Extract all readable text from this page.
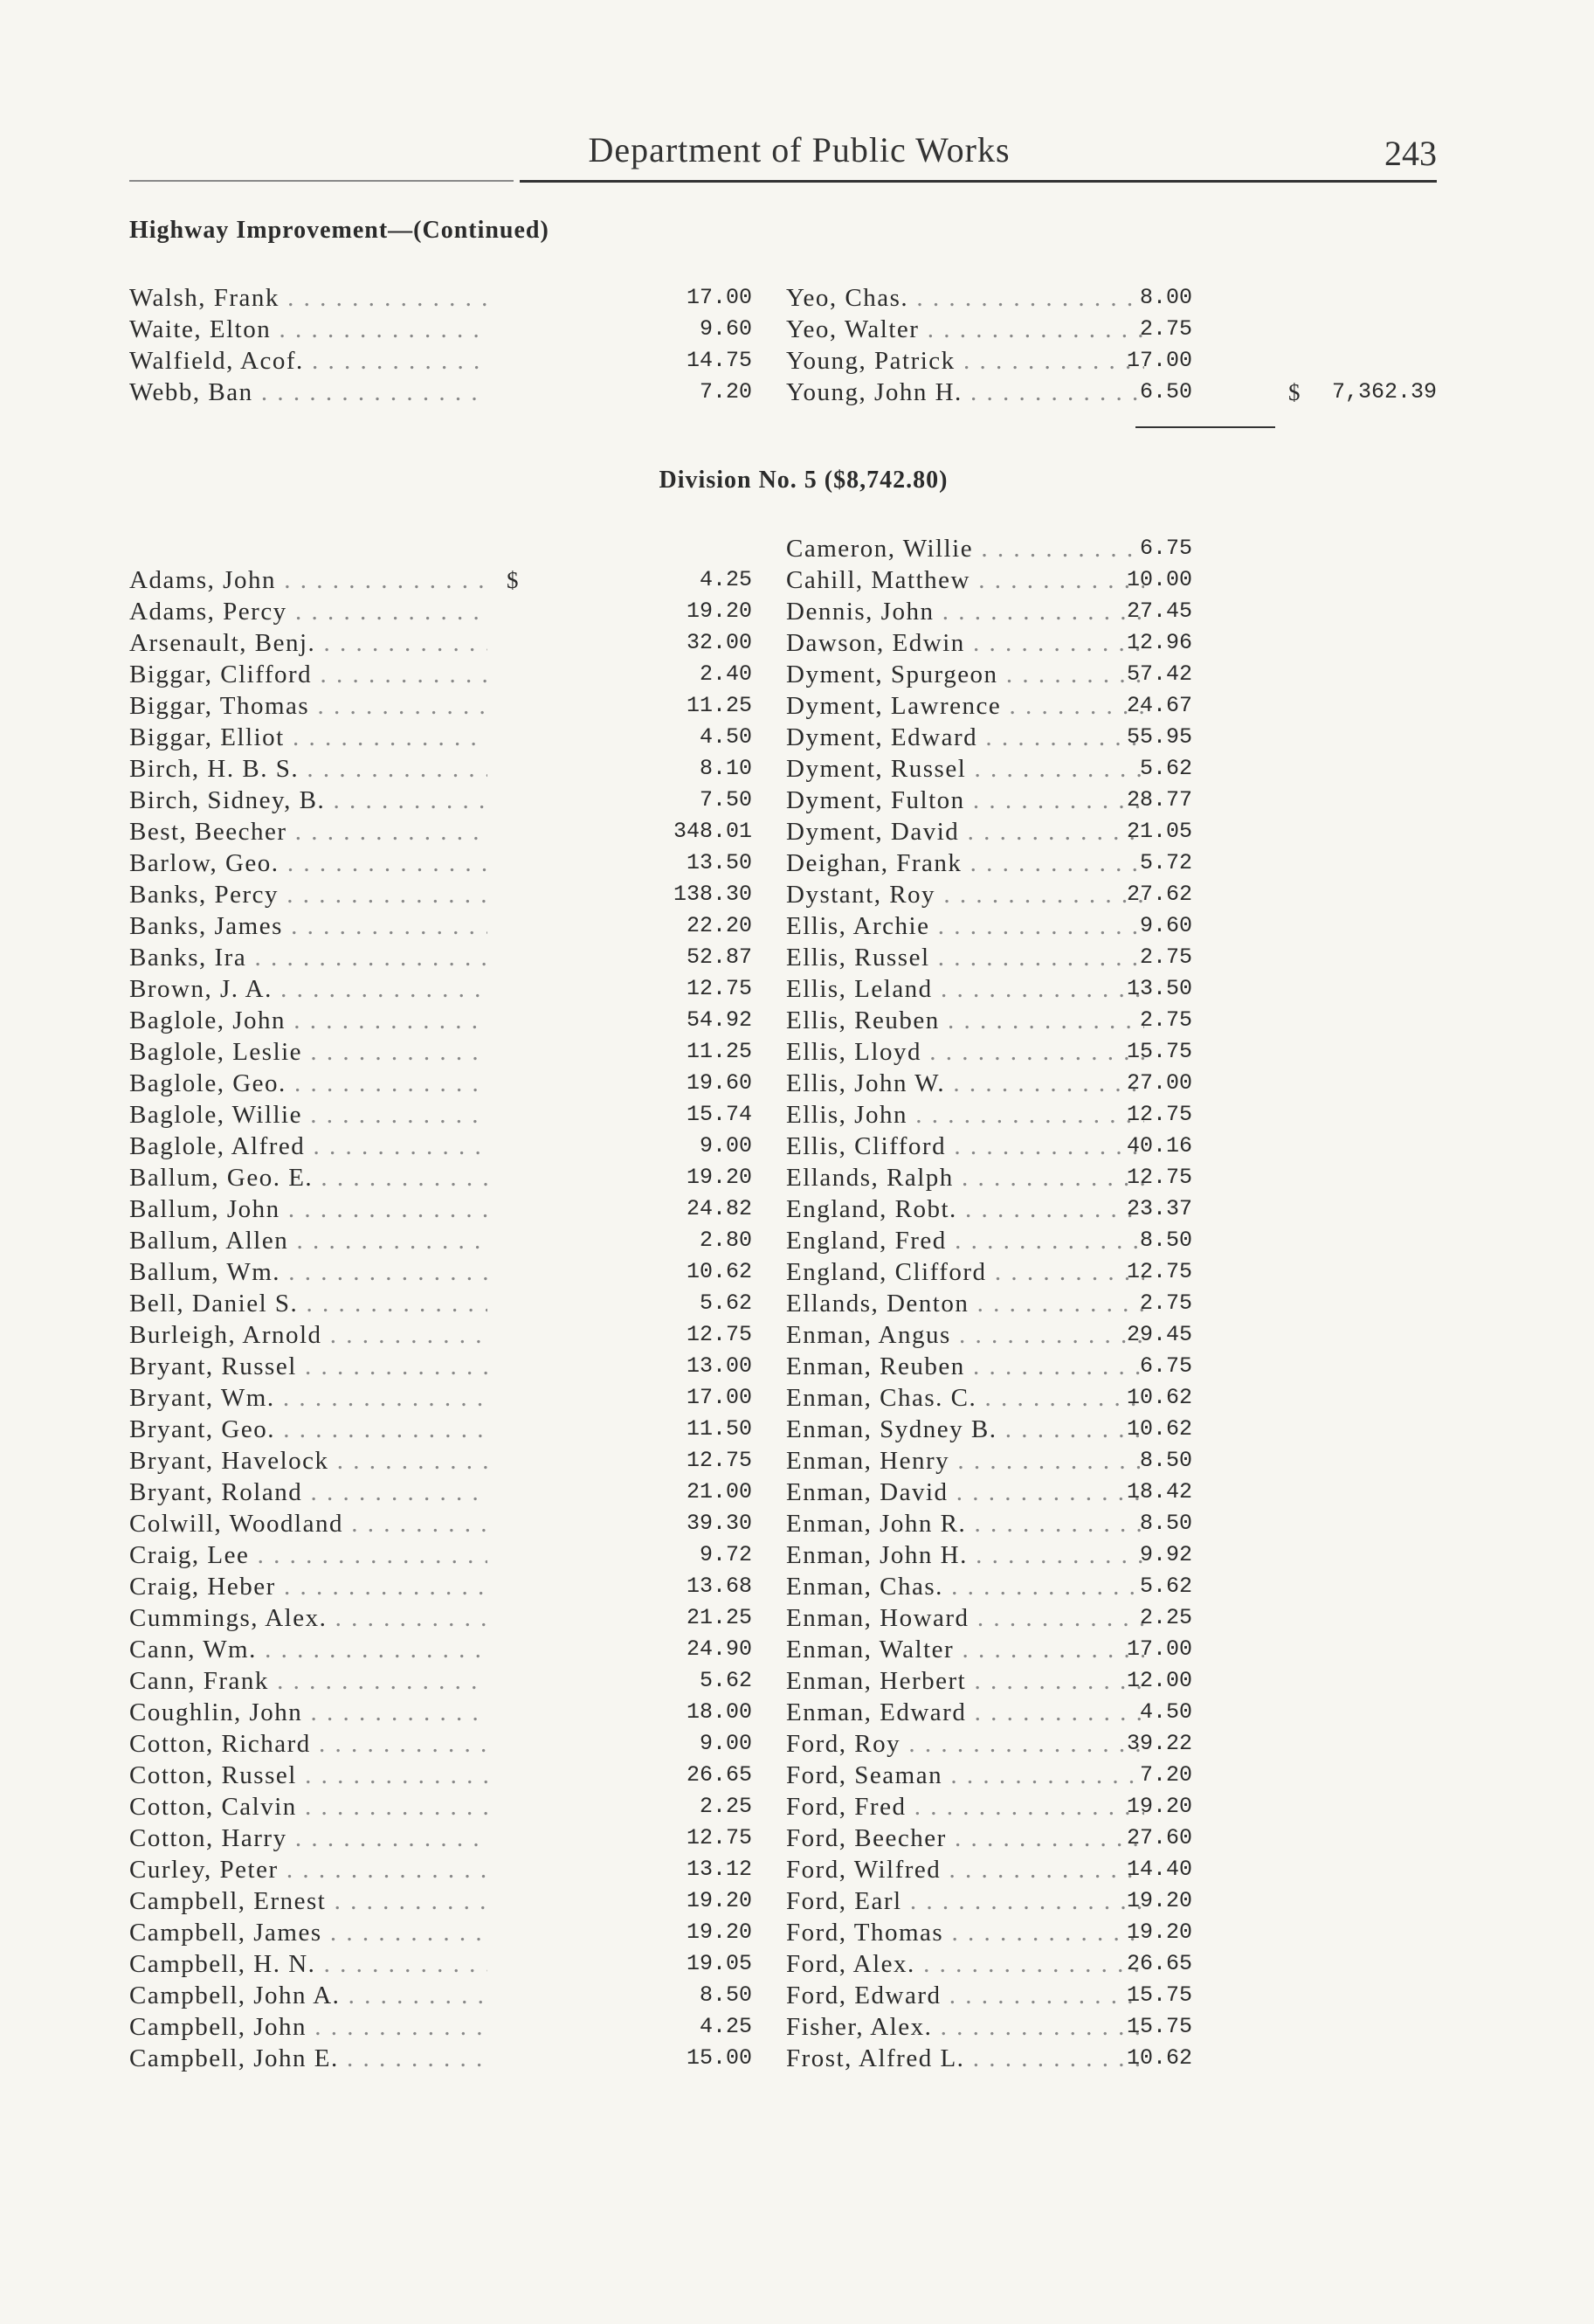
Department of Public Works	243
Highway Improvement—(Continued)
Walsh, Frank . . .	17.00
Waite, Elton . . .	9.60
Walfield, Acof. . . .	14.75
Webb, Ban . . .	7.20
Yeo, Chas. . . .	8.00
Yeo, Walter . . .	2.75
Young, Patrick . . .	17.00
Young, John H. . . .	6.50	$	7,362.39
Division No. 5 ($8,742.80)
Adams, John . . .	$	4.25
Adams, Percy . . .	19.20
Arsenault, Benj. . . .	32.00
Biggar, Clifford . . .	2.40
Biggar, Thomas . . .	11.25
Biggar, Elliot . . .	4.50
Birch, H. B. S. . . .	8.10
Birch, Sidney, B. . . .	7.50
Best, Beecher . . .	348.01
Barlow, Geo. . . .	13.50
Banks, Percy . . .	138.30
Banks, James . . .	22.20
Banks, Ira . . .	52.87
Brown, J. A. . . .	12.75
Baglole, John . . .	54.92
Baglole, Leslie . . .	11.25
Baglole, Geo. . . .	19.60
Baglole, Willie . . .	15.74
Baglole, Alfred . . .	9.00
Ballum, Geo. E. . . .	19.20
Ballum, John . . .	24.82
Ballum, Allen . . .	2.80
Ballum, Wm. . . .	10.62
Bell, Daniel S. . . .	5.62
Burleigh, Arnold . . .	12.75
Bryant, Russel . . .	13.00
Bryant, Wm. . . .	17.00
Bryant, Geo. . . .	11.50
Bryant, Havelock . . .	12.75
Bryant, Roland . . .	21.00
Colwill, Woodland . . .	39.30
Craig, Lee . . .	9.72
Craig, Heber . . .	13.68
Cummings, Alex. . . .	21.25
Cann, Wm. . . .	24.90
Cann, Frank . . .	5.62
Coughlin, John . . .	18.00
Cotton, Richard . . .	9.00
Cotton, Russel . . .	26.65
Cotton, Calvin . . .	2.25
Cotton, Harry . . .	12.75
Curley, Peter . . .	13.12
Campbell, Ernest . . .	19.20
Campbell, James . . .	19.20
Campbell, H. N. . . .	19.05
Campbell, John A. . . .	8.50
Campbell, John . . .	4.25
Campbell, John E. . . .	15.00
Cameron, Willie . . .	6.75
Cahill, Matthew . . .	10.00
Dennis, John . . .	27.45
Dawson, Edwin . . .	12.96
Dyment, Spurgeon . . .	57.42
Dyment, Lawrence . . .	24.67
Dyment, Edward . . .	55.95
Dyment, Russel . . .	5.62
Dyment, Fulton . . .	28.77
Dyment, David . . .	21.05
Deighan, Frank . . .	5.72
Dystant, Roy . . .	27.62
Ellis, Archie . . .	9.60
Ellis, Russel . . .	2.75
Ellis, Leland . . .	13.50
Ellis, Reuben . . .	2.75
Ellis, Lloyd . . .	15.75
Ellis, John W. . . .	27.00
Ellis, John . . .	12.75
Ellis, Clifford . . .	40.16
Ellands, Ralph . . .	12.75
England, Robt. . . .	23.37
England, Fred . . .	8.50
England, Clifford . . .	12.75
Ellands, Denton . . .	2.75
Enman, Angus . . .	29.45
Enman, Reuben . . .	6.75
Enman, Chas. C. . . .	10.62
Enman, Sydney B. . . .	10.62
Enman, Henry . . .	8.50
Enman, David . . .	18.42
Enman, John R. . . .	8.50
Enman, John H. . . .	9.92
Enman, Chas. . . .	5.62
Enman, Howard . . .	2.25
Enman, Walter . . .	17.00
Enman, Herbert . . .	12.00
Enman, Edward . . .	4.50
Ford, Roy . . .	39.22
Ford, Seaman . . .	7.20
Ford, Fred . . .	19.20
Ford, Beecher . . .	27.60
Ford, Wilfred . . .	14.40
Ford, Earl . . .	19.20
Ford, Thomas . . .	19.20
Ford, Alex. . . .	26.65
Ford, Edward . . .	15.75
Fisher, Alex. . . .	15.75
Frost, Alfred L. . . .	10.62
